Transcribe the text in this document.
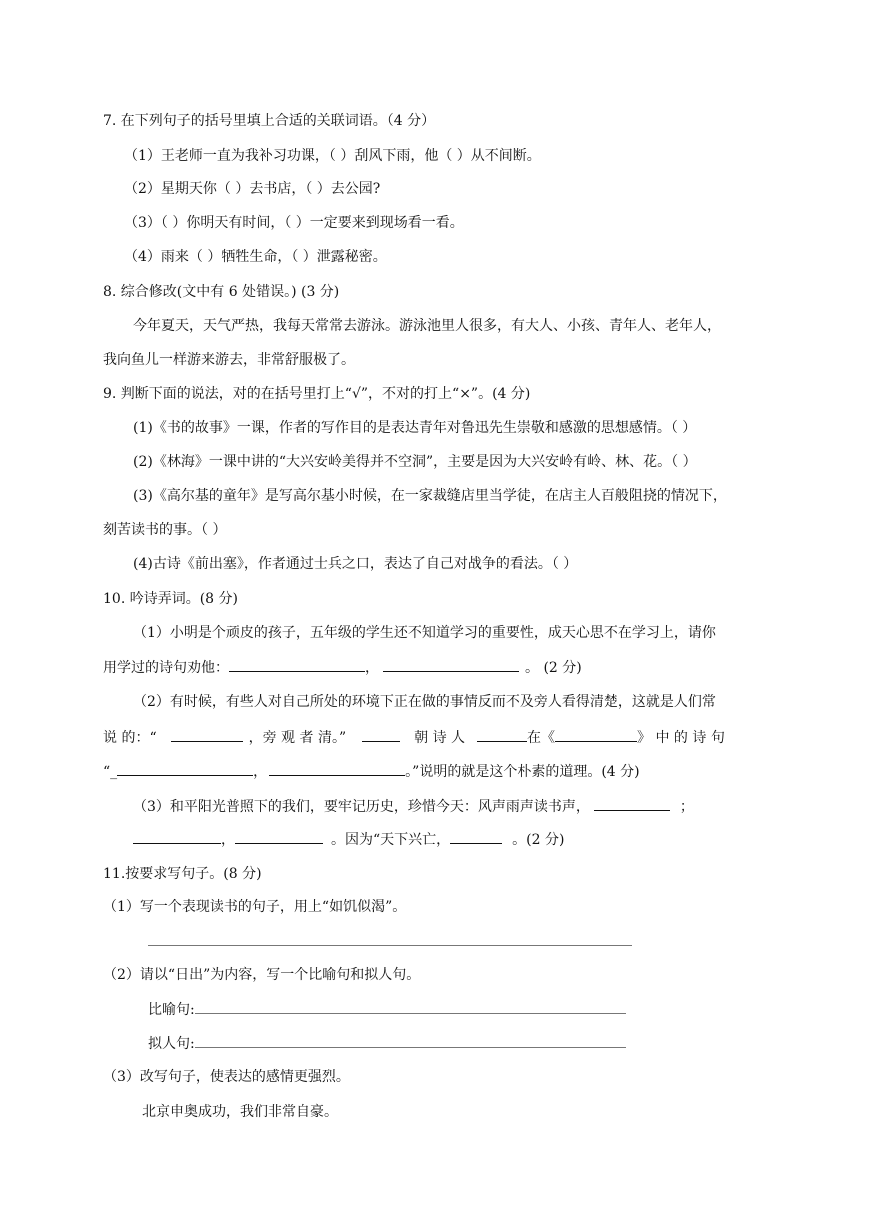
7. 在下列句子的括号里填上合适的关联词语。（4 分）
（1）王老师一直为我补习功课，（ ）刮风下雨，他（ ）从不间断。
（2）星期天你（ ）去书店，（ ）去公园?
（3）（ ）你明天有时间，（ ）一定要来到现场看一看。
（4）雨来（ ）牺牲生命，（ ）泄露秘密。
8. 综合修改(文中有 6 处错误。) (3 分)
今年夏天，天气严热，我每天常常去游泳。游泳池里人很多，有大人、小孩、青年人、老年人，
我向鱼儿一样游来游去，非常舒服极了。
9. 判断下面的说法，对的在括号里打上“√”，不对的打上“×”。(4 分)
(1)《书的故事》一课，作者的写作目的是表达青年对鲁迅先生崇敬和感激的思想感情。（ ）
(2)《林海》一课中讲的“大兴安岭美得并不空洞”，主要是因为大兴安岭有岭、林、花。（ ）
(3)《高尔基的童年》是写高尔基小时候，在一家裁缝店里当学徒，在店主人百般阻挠的情况下，
刻苦读书的事。（ ）
(4)古诗《前出塞》，作者通过士兵之口，表达了自己对战争的看法。（ ）
10. 吟诗弄词。(8 分)
（1）小明是个顽皮的孩子，五年级的学生还不知道学习的重要性，成天心思不在学习上，请你
用学过的诗句劝他：	，	。 (2 分)
（2）有时候，有些人对自己所处的环境下正在做的事情反而不及旁人看得清楚，这就是人们常
说 的：“	，旁 观 者 清。”	朝 诗 人	在《	》 中 的 诗 句
“_	，	。”说明的就是这个朴素的道理。(4 分)
（3）和平阳光普照下的我们，要牢记历史，珍惜今天：风声雨声读书声，	；
，	。因为“天下兴亡，	。(2 分)
11.按要求写句子。(8 分)
（1）写一个表现读书的句子，用上“如饥似渴”。
（2）请以“日出”为内容，写一个比喻句和拟人句。
比喻句:
拟人句:
（3）改写句子，使表达的感情更强烈。
北京申奥成功，我们非常自豪。
